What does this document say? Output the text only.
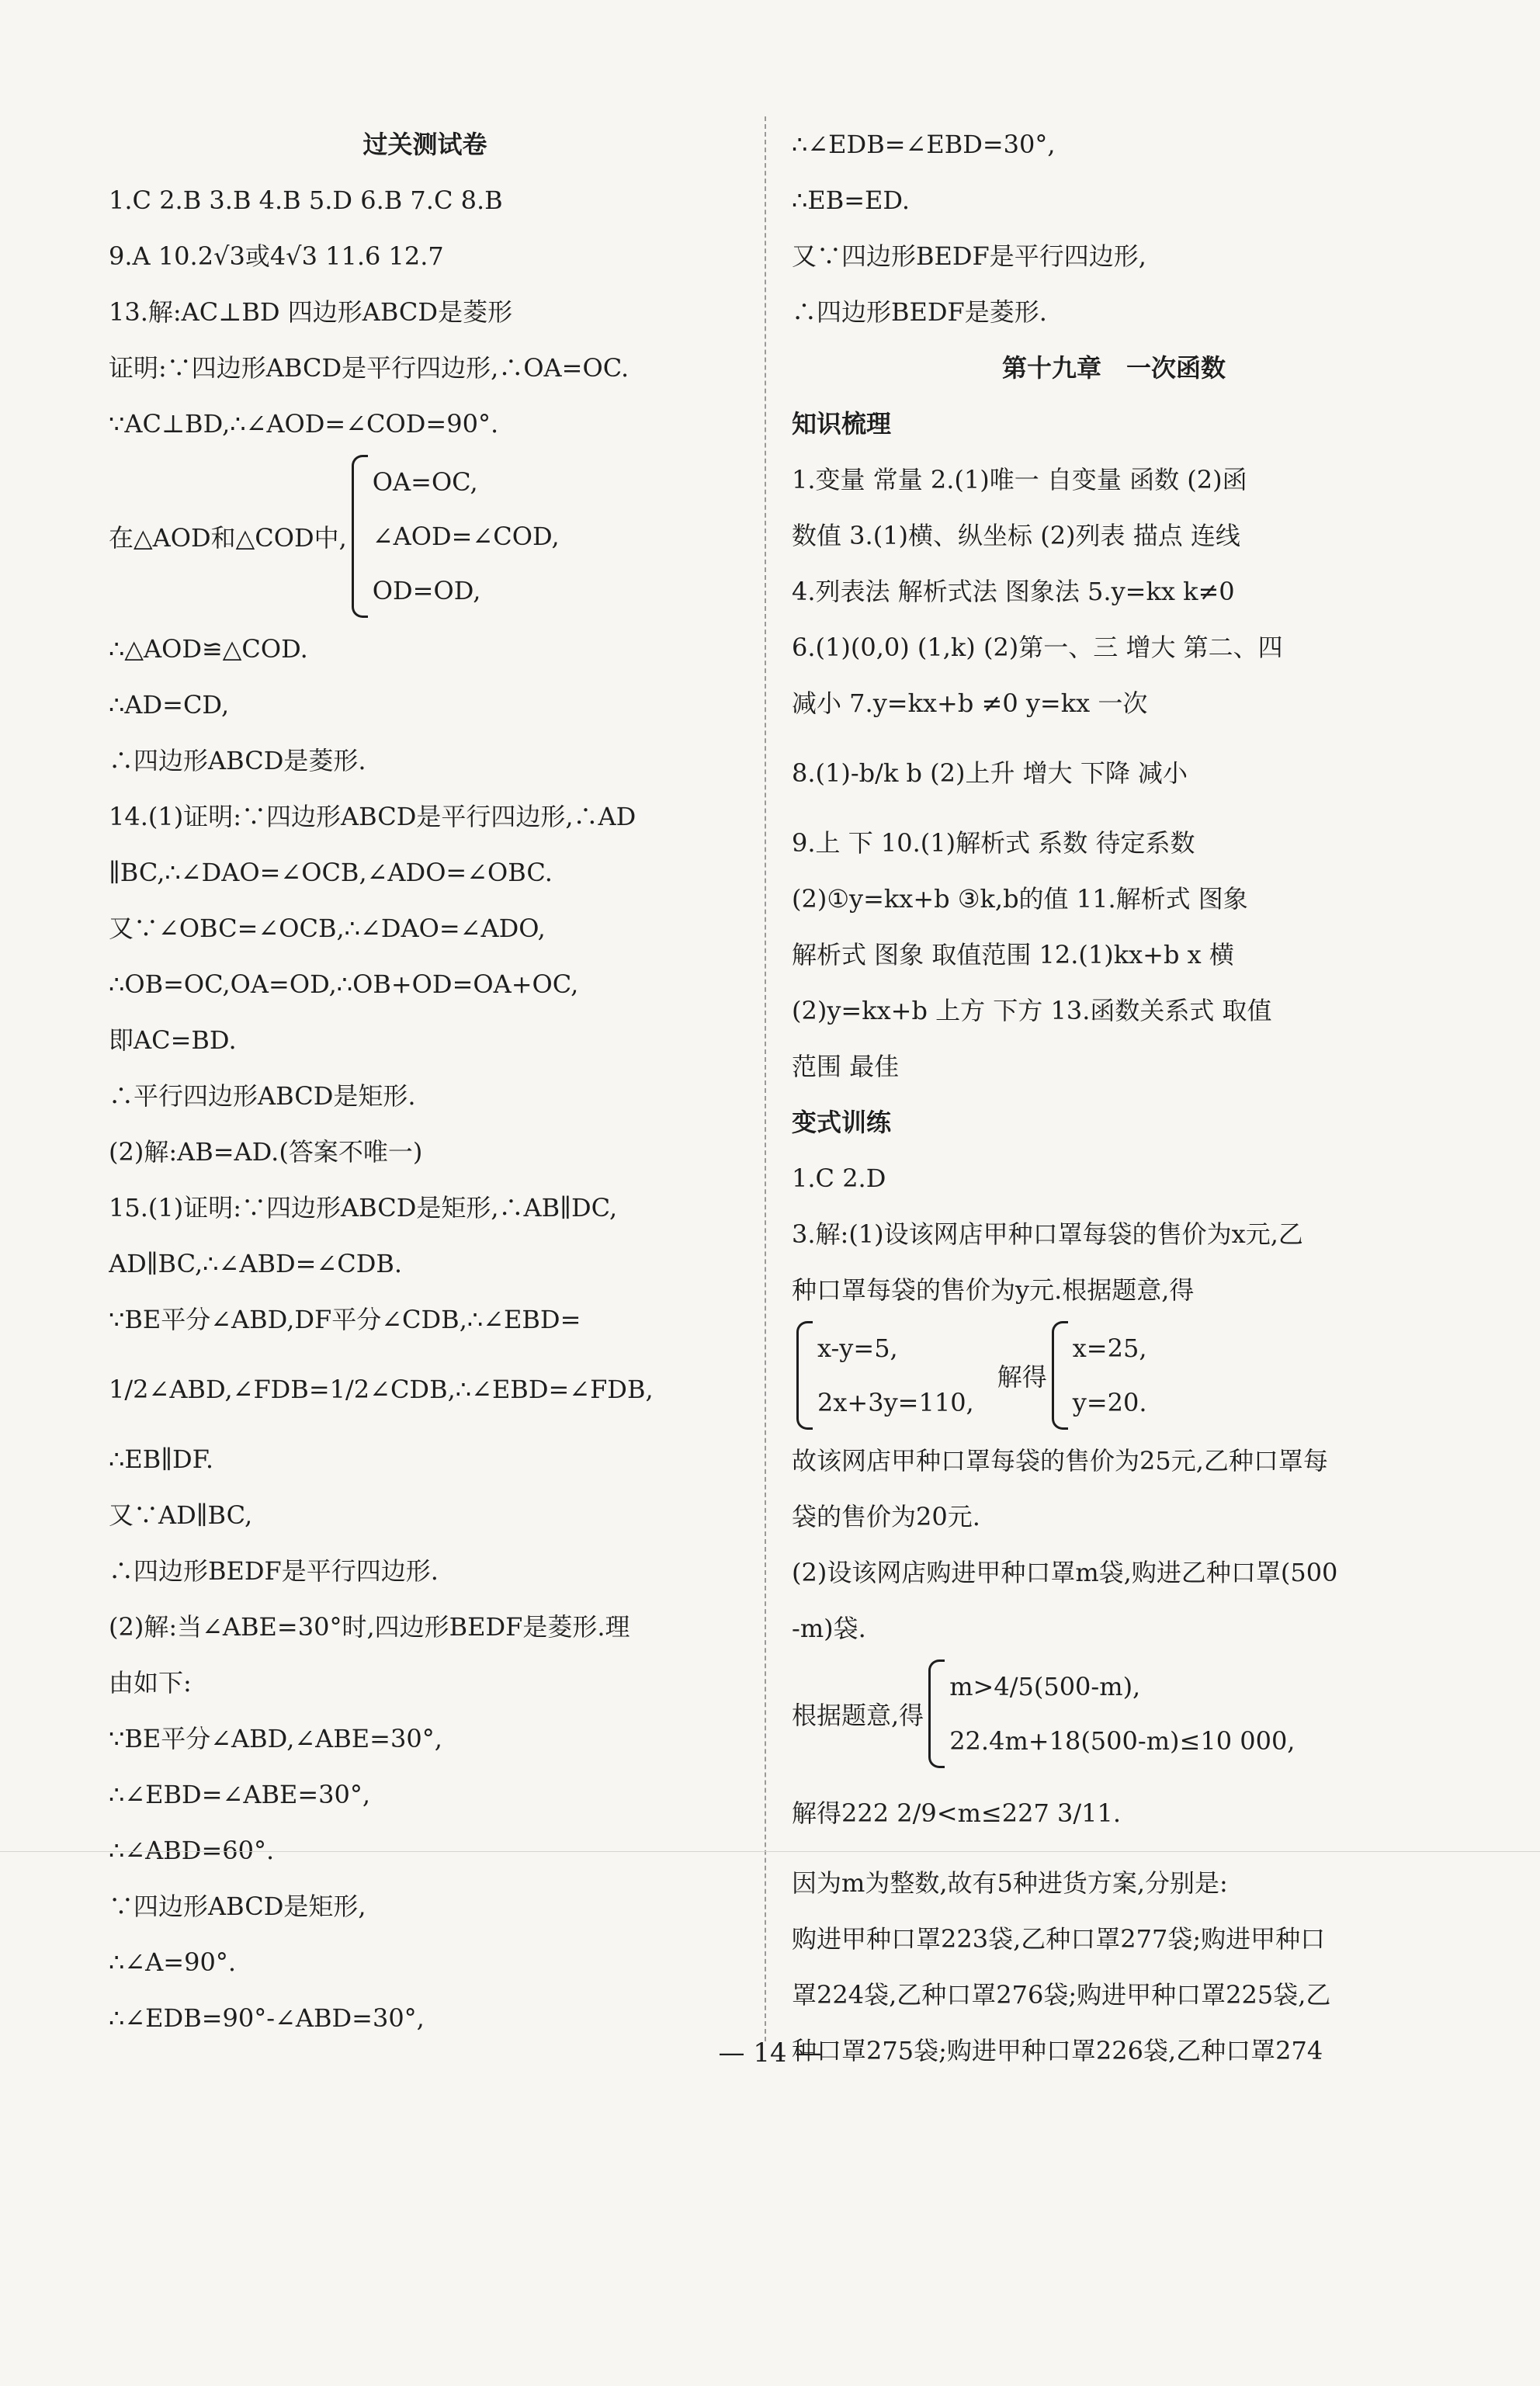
过关测试卷
1.C 2.B 3.B 4.B 5.D 6.B 7.C 8.B
9.A 10.2√3或4√3 11.6 12.7
13.解:AC⊥BD 四边形ABCD是菱形
证明:∵四边形ABCD是平行四边形,∴OA=OC.
∵AC⊥BD,∴∠AOD=∠COD=90°.
在△AOD和△COD中,
OA=OC,
∠AOD=∠COD,
OD=OD,
∴△AOD≌△COD.
∴AD=CD,
∴四边形ABCD是菱形.
14.(1)证明:∵四边形ABCD是平行四边形,∴AD
∥BC,∴∠DAO=∠OCB,∠ADO=∠OBC.
又∵∠OBC=∠OCB,∴∠DAO=∠ADO,
∴OB=OC,OA=OD,∴OB+OD=OA+OC,
即AC=BD.
∴平行四边形ABCD是矩形.
(2)解:AB=AD.(答案不唯一)
15.(1)证明:∵四边形ABCD是矩形,∴AB∥DC,
AD∥BC,∴∠ABD=∠CDB.
∵BE平分∠ABD,DF平分∠CDB,∴∠EBD=
1/2∠ABD,∠FDB=1/2∠CDB,∴∠EBD=∠FDB,
∴EB∥DF.
又∵AD∥BC,
∴四边形BEDF是平行四边形.
(2)解:当∠ABE=30°时,四边形BEDF是菱形.理
由如下:
∵BE平分∠ABD,∠ABE=30°,
∴∠EBD=∠ABE=30°,
∴∠ABD=60°.
∵四边形ABCD是矩形,
∴∠A=90°.
∴∠EDB=90°-∠ABD=30°,
∴∠EDB=∠EBD=30°,
∴EB=ED.
又∵四边形BEDF是平行四边形,
∴四边形BEDF是菱形.
第十九章　一次函数
知识梳理
1.变量 常量 2.(1)唯一 自变量 函数 (2)函
数值 3.(1)横、纵坐标 (2)列表 描点 连线
4.列表法 解析式法 图象法 5.y=kx k≠0
6.(1)(0,0) (1,k) (2)第一、三 增大 第二、四
减小 7.y=kx+b ≠0 y=kx 一次
8.(1)-b/k b (2)上升 增大 下降 减小
9.上 下 10.(1)解析式 系数 待定系数
(2)①y=kx+b ③k,b的值 11.解析式 图象
解析式 图象 取值范围 12.(1)kx+b x 横
(2)y=kx+b 上方 下方 13.函数关系式 取值
范围 最佳
变式训练
1.C 2.D
3.解:(1)设该网店甲种口罩每袋的售价为x元,乙
种口罩每袋的售价为y元.根据题意,得
x-y=5,
2x+3y=110,
解得
x=25,
y=20.
故该网店甲种口罩每袋的售价为25元,乙种口罩每
袋的售价为20元.
(2)设该网店购进甲种口罩m袋,购进乙种口罩(500
-m)袋.
根据题意,得
m>4/5(500-m),
22.4m+18(500-m)≤10 000,
解得222 2/9<m≤227 3/11.
因为m为整数,故有5种进货方案,分别是:
购进甲种口罩223袋,乙种口罩277袋;购进甲种口
罩224袋,乙种口罩276袋;购进甲种口罩225袋,乙
种口罩275袋;购进甲种口罩226袋,乙种口罩274
— 14 —
